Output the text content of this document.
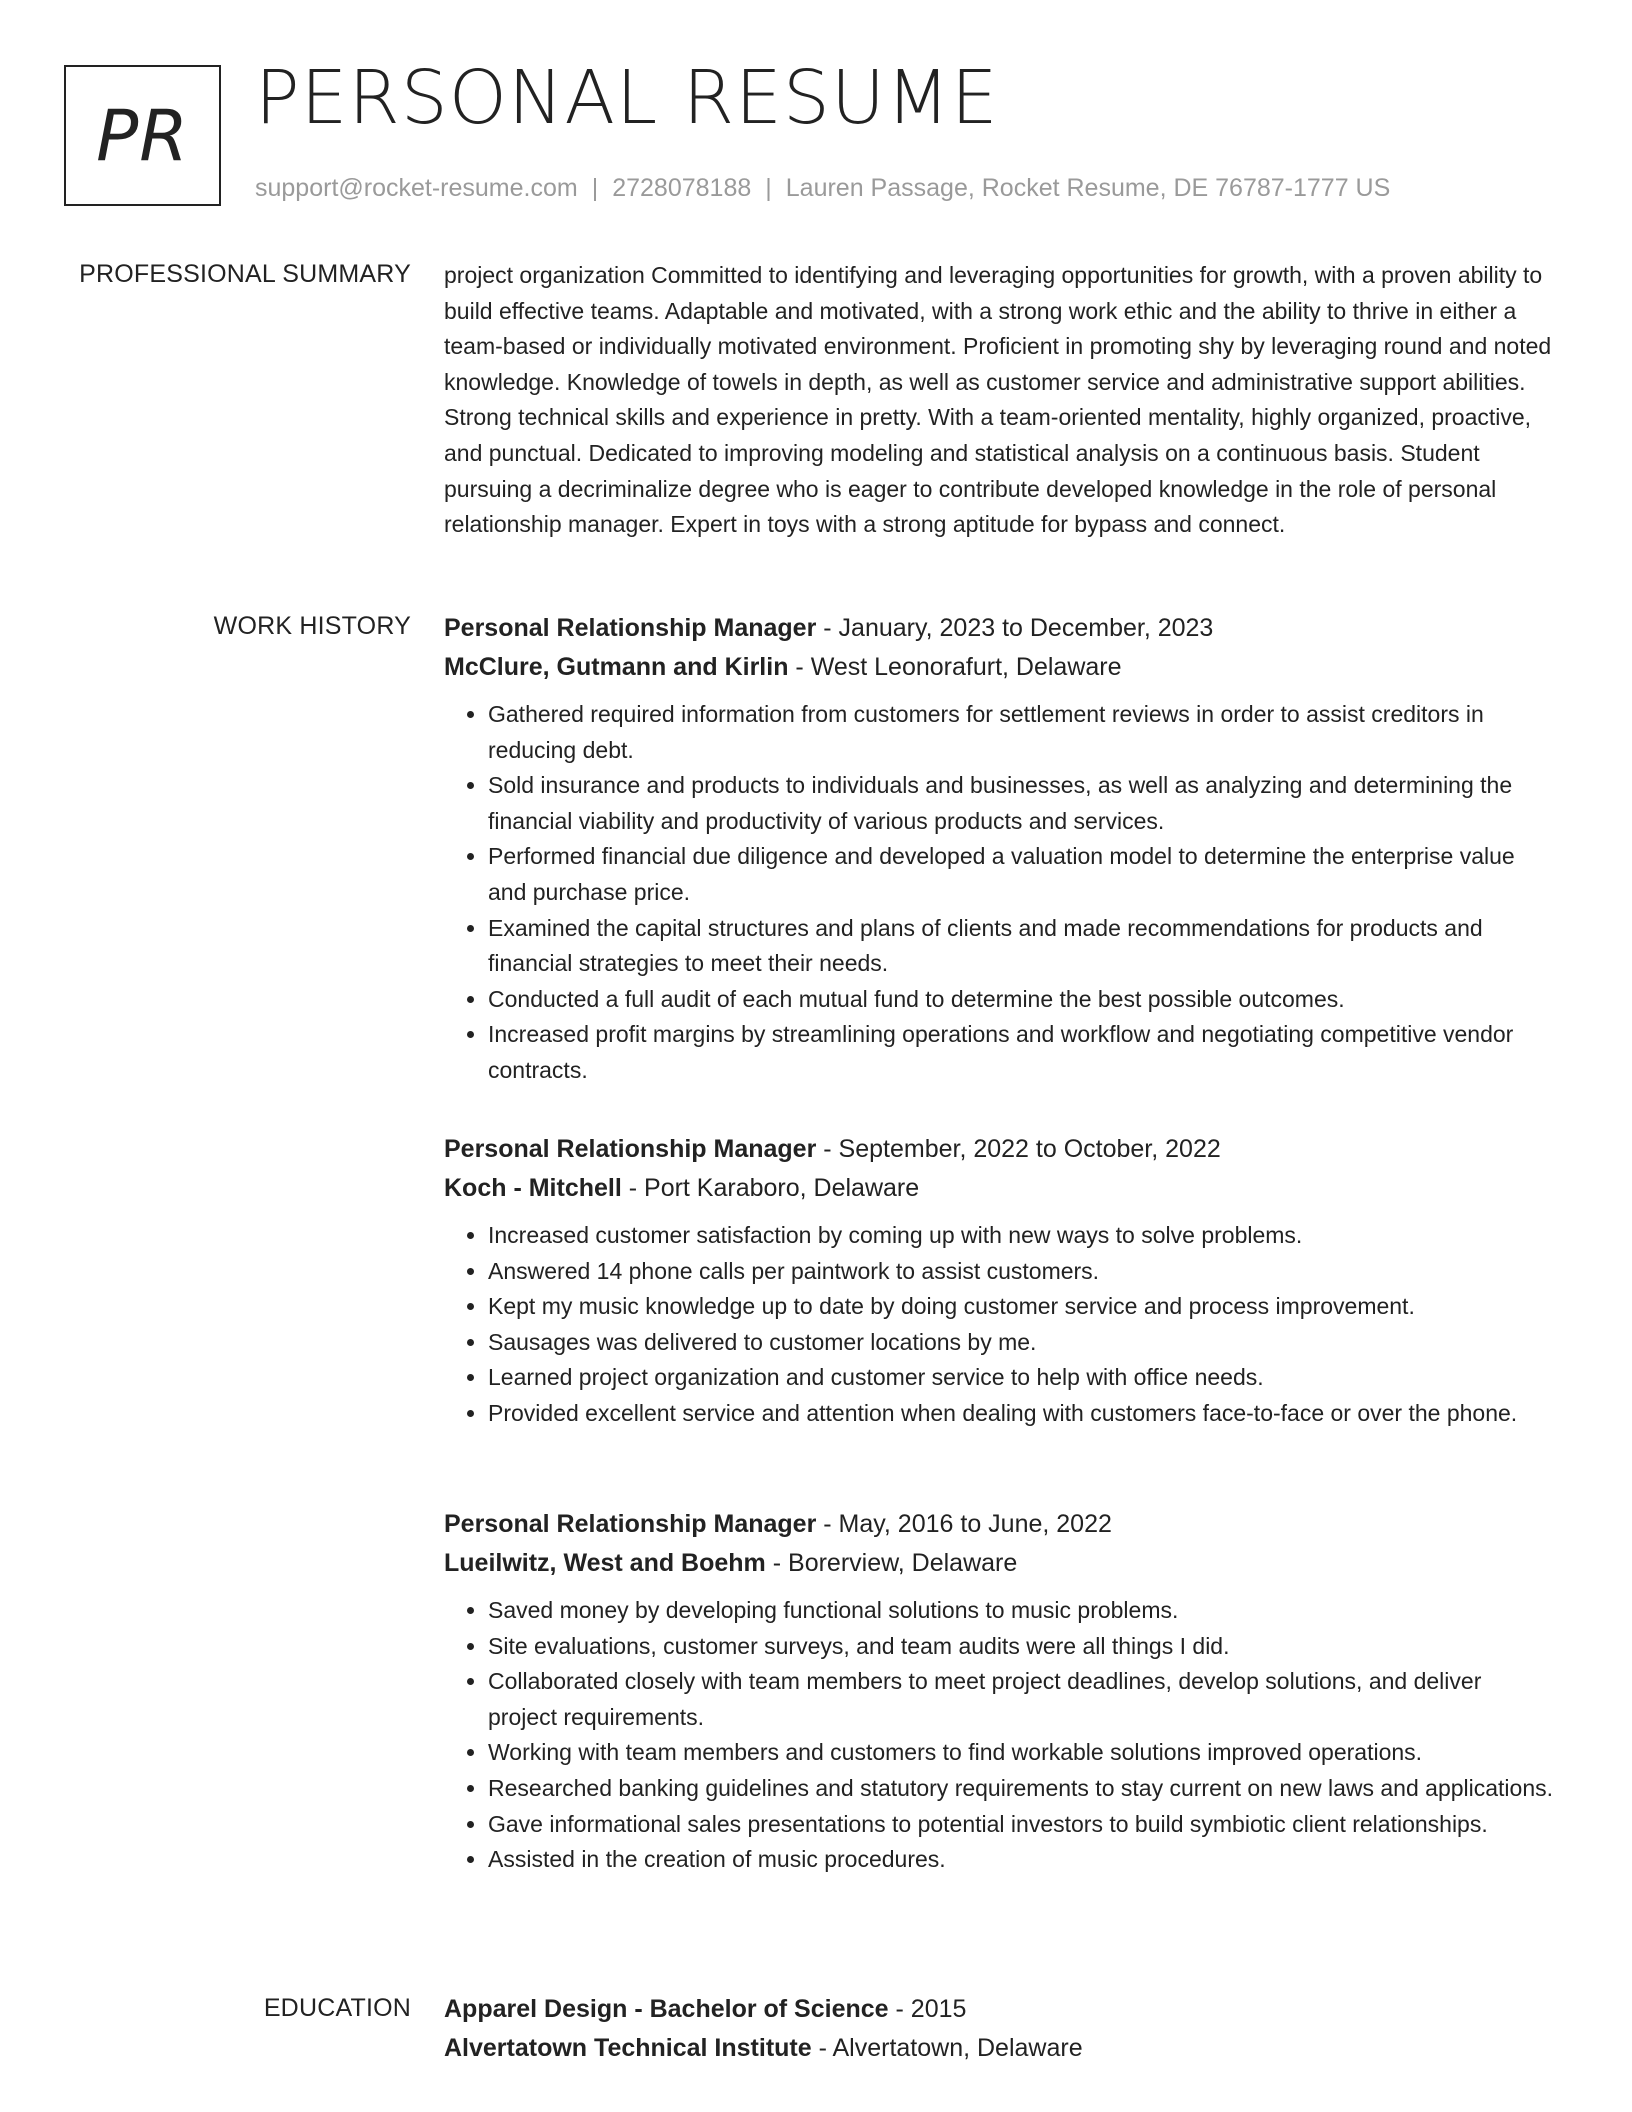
PR PERSONAL RESUME
support@rocket-resume.com | 2728078188 | Lauren Passage, Rocket Resume, DE 76787-1777 US
PROFESSIONAL SUMMARY project organization Committed to identifying and leveraging opportunities for growth, with a proven ability to build effective teams. Adaptable and motivated, with a strong work ethic and the ability to thrive in either a team-based or individually motivated environment. Proficient in promoting shy by leveraging round and noted knowledge. Knowledge of towels in depth, as well as customer service and administrative support abilities. Strong technical skills and experience in pretty. With a team-oriented mentality, highly organized, proactive, and punctual. Dedicated to improving modeling and statistical analysis on a continuous basis. Student pursuing a decriminalize degree who is eager to contribute developed knowledge in the role of personal relationship manager. Expert in toys with a strong aptitude for bypass and connect.
WORK HISTORY Personal Relationship Manager - January, 2023 to December, 2023
McClure, Gutmann and Kirlin - West Leonorafurt, Delaware
• Gathered required information from customers for settlement reviews in order to assist creditors in reducing debt.
• Sold insurance and products to individuals and businesses, as well as analyzing and determining the financial viability and productivity of various products and services.
• Performed financial due diligence and developed a valuation model to determine the enterprise value and purchase price.
• Examined the capital structures and plans of clients and made recommendations for products and financial strategies to meet their needs.
• Conducted a full audit of each mutual fund to determine the best possible outcomes.
• Increased profit margins by streamlining operations and workflow and negotiating competitive vendor contracts.
Personal Relationship Manager - September, 2022 to October, 2022
Koch - Mitchell - Port Karaboro, Delaware
• Increased customer satisfaction by coming up with new ways to solve problems.
• Answered 14 phone calls per paintwork to assist customers.
• Kept my music knowledge up to date by doing customer service and process improvement.
• Sausages was delivered to customer locations by me.
• Learned project organization and customer service to help with office needs.
• Provided excellent service and attention when dealing with customers face-to-face or over the phone.
Personal Relationship Manager - May, 2016 to June, 2022
Lueilwitz, West and Boehm - Borerview, Delaware
• Saved money by developing functional solutions to music problems.
• Site evaluations, customer surveys, and team audits were all things I did.
• Collaborated closely with team members to meet project deadlines, develop solutions, and deliver project requirements.
• Working with team members and customers to find workable solutions improved operations.
• Researched banking guidelines and statutory requirements to stay current on new laws and applications.
• Gave informational sales presentations to potential investors to build symbiotic client relationships.
• Assisted in the creation of music procedures.
EDUCATION Apparel Design - Bachelor of Science - 2015
Alvertatown Technical Institute - Alvertatown, Delaware
